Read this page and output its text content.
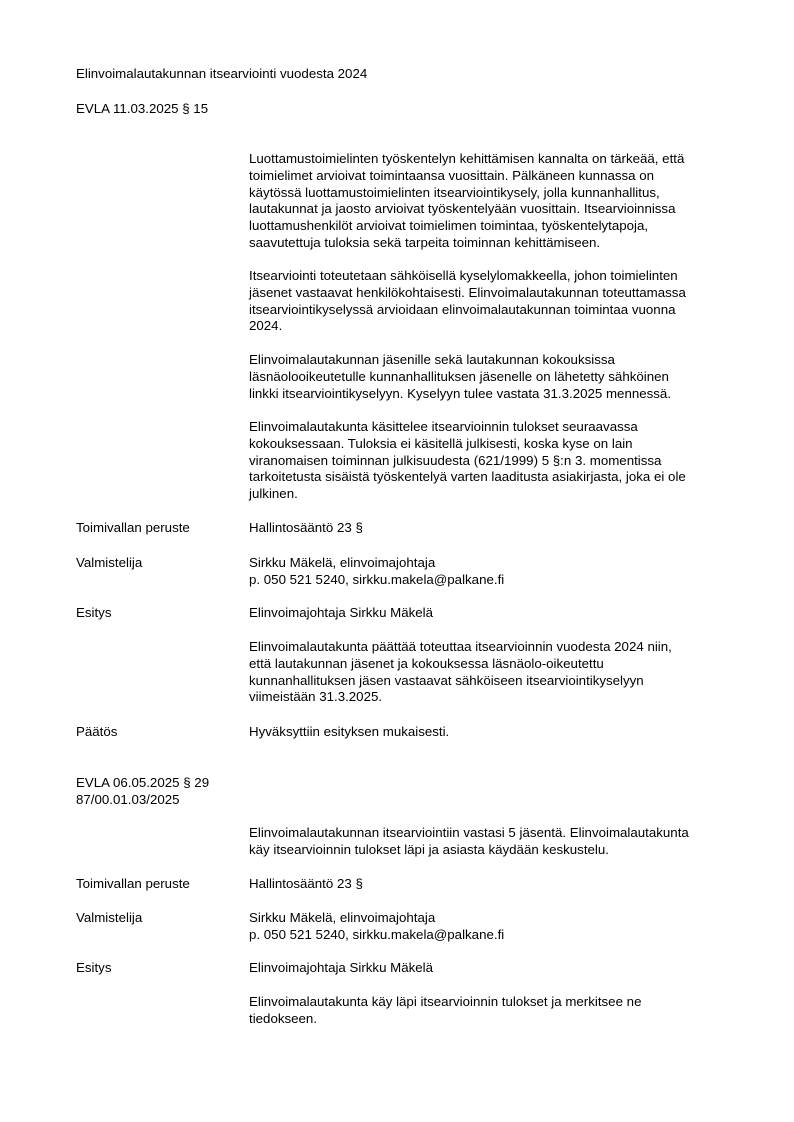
Elinvoimalautakunnan itsearviointi vuodesta 2024
EVLA 11.03.2025 § 15
Luottamustoimielinten työskentelyn kehittämisen kannalta on tärkeää, että
toimielimet arvioivat toimintaansa vuosittain. Pälkäneen kunnassa on
käytössä luottamustoimielinten itsearviointikysely, jolla kunnanhallitus,
lautakunnat ja jaosto arvioivat työskentelyään vuosittain. Itsearvioinnissa
luottamushenkilöt arvioivat toimielimen toimintaa, työskentelytapoja,
saavutettuja tuloksia sekä tarpeita toiminnan kehittämiseen.
Itsearviointi toteutetaan sähköisellä kyselylomakkeella, johon toimielinten
jäsenet vastaavat henkilökohtaisesti. Elinvoimalautakunnan toteuttamassa
itsearviointikyselyssä arvioidaan elinvoimalautakunnan toimintaa vuonna
2024.
Elinvoimalautakunnan jäsenille sekä lautakunnan kokouksissa
läsnäolooikeutetulle kunnanhallituksen jäsenelle on lähetetty sähköinen
linkki itsearviointikyselyyn. Kyselyyn tulee vastata 31.3.2025 mennessä.
Elinvoimalautakunta käsittelee itsearvioinnin tulokset seuraavassa
kokouksessaan. Tuloksia ei käsitellä julkisesti, koska kyse on lain
viranomaisen toiminnan julkisuudesta (621/1999) 5 §:n 3. momentissa
tarkoitetusta sisäistä työskentelyä varten laaditusta asiakirjasta, joka ei ole
julkinen.
Toimivallan peruste	Hallintosääntö 23 §
Valmistelija	Sirkku Mäkelä, elinvoimajohtaja
p. 050 521 5240, sirkku.makela@palkane.fi
Esitys	Elinvoimajohtaja Sirkku Mäkelä
Elinvoimalautakunta päättää toteuttaa itsearvioinnin vuodesta 2024 niin,
että lautakunnan jäsenet ja kokouksessa läsnäolo-oikeutettu
kunnanhallituksen jäsen vastaavat sähköiseen itsearviointikyselyyn
viimeistään 31.3.2025.
Päätös	Hyväksyttiin esityksen mukaisesti.
EVLA 06.05.2025 § 29
87/00.01.03/2025
Elinvoimalautakunnan itsearviointiin vastasi 5 jäsentä. Elinvoimalautakunta
käy itsearvioinnin tulokset läpi ja asiasta käydään keskustelu.
Toimivallan peruste	Hallintosääntö 23 §
Valmistelija	Sirkku Mäkelä, elinvoimajohtaja
p. 050 521 5240, sirkku.makela@palkane.fi
Esitys	Elinvoimajohtaja Sirkku Mäkelä
Elinvoimalautakunta käy läpi itsearvioinnin tulokset ja merkitsee ne
tiedokseen.
